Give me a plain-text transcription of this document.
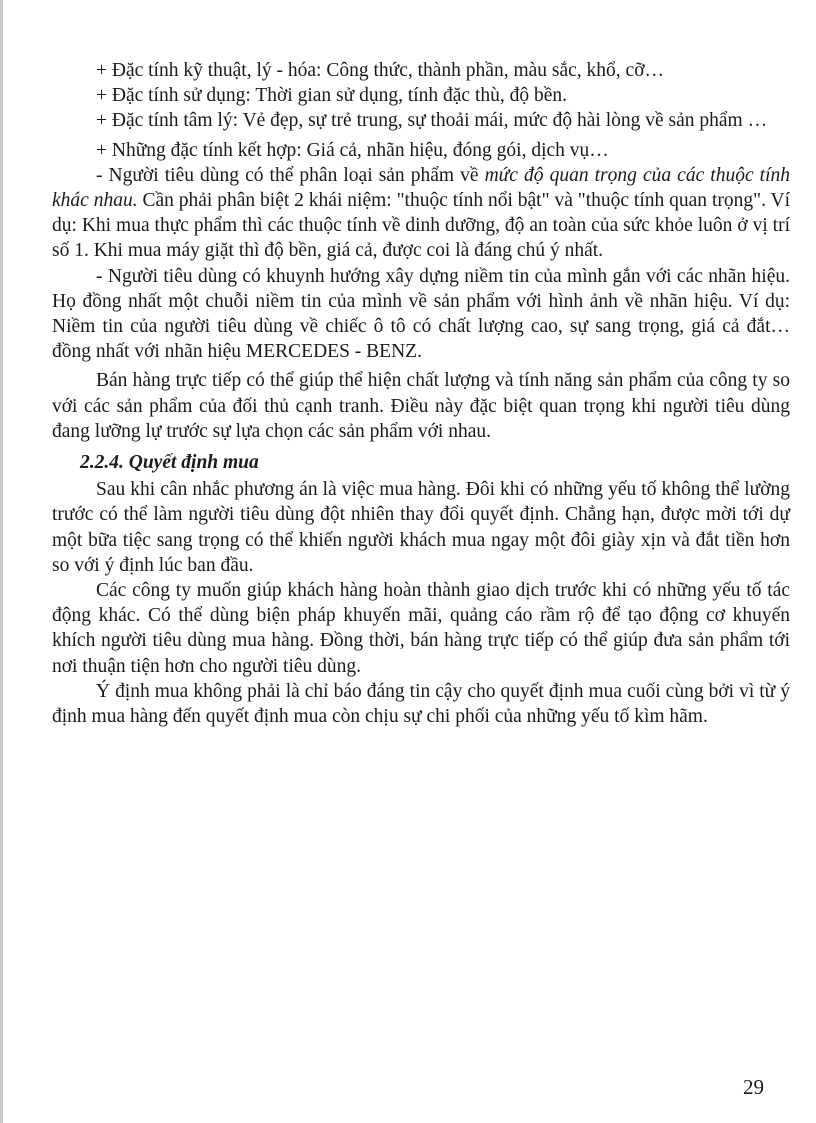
+ Đặc tính kỹ thuật, lý - hóa: Công thức, thành phần, màu sắc, khổ, cỡ…

+ Đặc tính sử dụng: Thời gian sử dụng, tính đặc thù, độ bền.

+ Đặc tính tâm lý: Vẻ đẹp, sự trẻ trung, sự thoải mái, mức độ hài lòng về sản phẩm …

+ Những đặc tính kết hợp: Giá cả, nhãn hiệu, đóng gói, dịch vụ…

- Người tiêu dùng có thể phân loại sản phẩm về mức độ quan trọng của các thuộc tính khác nhau. Cần phải phân biệt 2 khái niệm: "thuộc tính nổi bật" và "thuộc tính quan trọng". Ví dụ: Khi mua thực phẩm thì các thuộc tính về dinh dưỡng, độ an toàn của sức khỏe luôn ở vị trí số 1. Khi mua máy giặt thì độ bền, giá cả, được coi là đáng chú ý nhất.

- Người tiêu dùng có khuynh hướng xây dựng niềm tin của mình gắn với các nhãn hiệu. Họ đồng nhất một chuỗi niềm tin của mình về sản phẩm với hình ảnh về nhãn hiệu. Ví dụ: Niềm tin của người tiêu dùng về chiếc ô tô có chất lượng cao, sự sang trọng, giá cả đắt… đồng nhất với nhãn hiệu MERCEDES - BENZ.

Bán hàng trực tiếp có thể giúp thể hiện chất lượng và tính năng sản phẩm của công ty so với các sản phẩm của đối thủ cạnh tranh. Điều này đặc biệt quan trọng khi người tiêu dùng đang lưỡng lự trước sự lựa chọn các sản phẩm với nhau.

2.2.4. Quyết định mua

Sau khi cân nhắc phương án là việc mua hàng. Đôi khi có những yếu tố không thể lường trước có thể làm người tiêu dùng đột nhiên thay đổi quyết định. Chẳng hạn, được mời tới dự một bữa tiệc sang trọng có thể khiến người khách mua ngay một đôi giày xịn và đắt tiền hơn so với ý định lúc ban đầu.

Các công ty muốn giúp khách hàng hoàn thành giao dịch trước khi có những yếu tố tác động khác. Có thể dùng biện pháp khuyến mãi, quảng cáo rầm rộ để tạo động cơ khuyến khích người tiêu dùng mua hàng. Đồng thời, bán hàng trực tiếp có thể giúp đưa sản phẩm tới nơi thuận tiện hơn cho người tiêu dùng.

Ý định mua không phải là chỉ báo đáng tin cậy cho quyết định mua cuối cùng bởi vì từ ý định mua hàng đến quyết định mua còn chịu sự chi phối của những yếu tố kìm hãm.

29
